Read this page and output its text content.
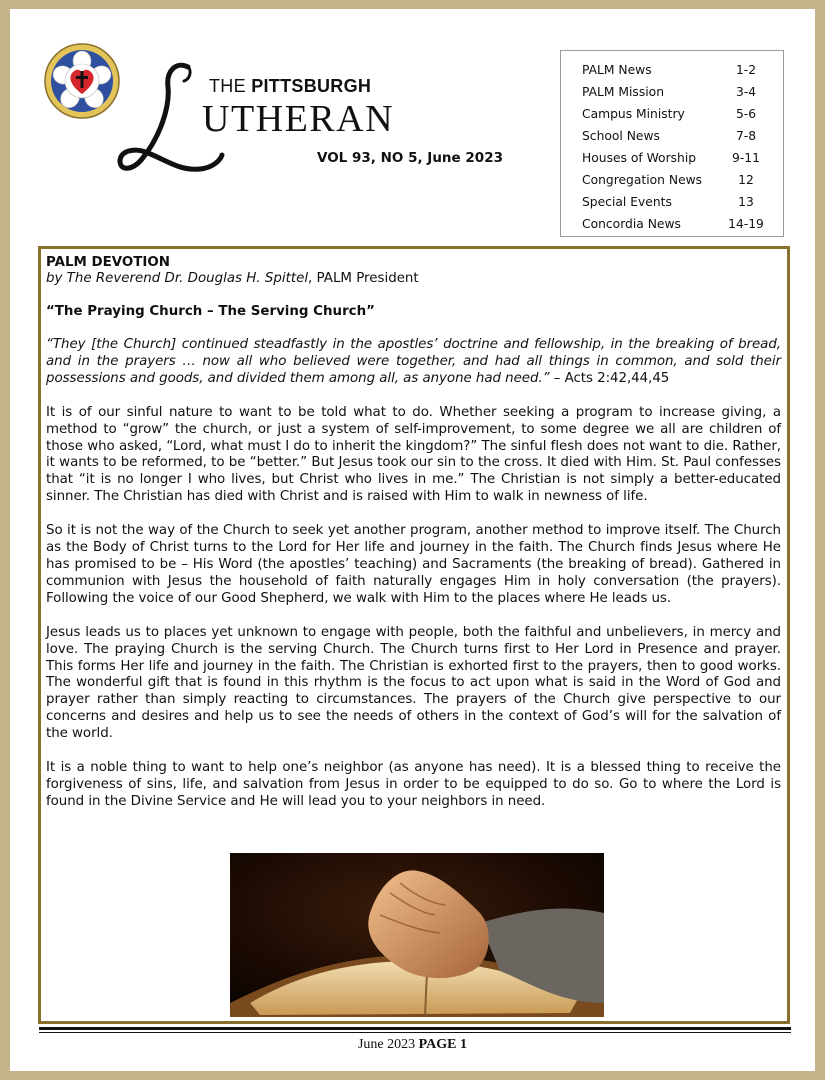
THE PITTSBURGH
UTHERAN
VOL 93, NO 5, June 2023
PALM News	1-2
PALM Mission	3-4
Campus Ministry	5-6
School News	7-8
Houses of Worship	9-11
Congregation News	12
Special Events	13
Concordia News	14-19
PALM DEVOTION
by The Reverend Dr. Douglas H. Spittel, PALM President
“The Praying Church – The Serving Church”
“They [the Church] continued steadfastly in the apostles’ doctrine and fellowship, in the breaking of bread, and in the prayers … now all who believed were together, and had all things in common, and sold their possessions and goods, and divided them among all, as anyone had need.” – Acts 2:42,44,45
It is of our sinful nature to want to be told what to do. Whether seeking a program to increase giving, a method to “grow” the church, or just a system of self-improvement, to some degree we all are children of those who asked, “Lord, what must I do to inherit the kingdom?” The sinful flesh does not want to die. Rather, it wants to be reformed, to be “better.” But Jesus took our sin to the cross. It died with Him. St. Paul confesses that “it is no longer I who lives, but Christ who lives in me.” The Christian is not simply a better-educated sinner. The Christian has died with Christ and is raised with Him to walk in newness of life.
So it is not the way of the Church to seek yet another program, another method to improve itself. The Church as the Body of Christ turns to the Lord for Her life and journey in the faith. The Church finds Jesus where He has promised to be – His Word (the apostles’ teaching) and Sacraments (the breaking of bread). Gathered in communion with Jesus the household of faith naturally engages Him in holy conversation (the prayers). Following the voice of our Good Shepherd, we walk with Him to the places where He leads us.
Jesus leads us to places yet unknown to engage with people, both the faithful and unbelievers, in mercy and love. The praying Church is the serving Church. The Church turns first to Her Lord in Presence and prayer. This forms Her life and journey in the faith. The Christian is exhorted first to the prayers, then to good works. The wonderful gift that is found in this rhythm is the focus to act upon what is said in the Word of God and prayer rather than simply reacting to circumstances. The prayers of the Church give perspective to our concerns and desires and help us to see the needs of others in the context of God’s will for the salvation of the world.
It is a noble thing to want to help one’s neighbor (as anyone has need). It is a blessed thing to receive the forgiveness of sins, life, and salvation from Jesus in order to be equipped to do so. Go to where the Lord is found in the Divine Service and He will lead you to your neighbors in need.
June 2023 PAGE 1
